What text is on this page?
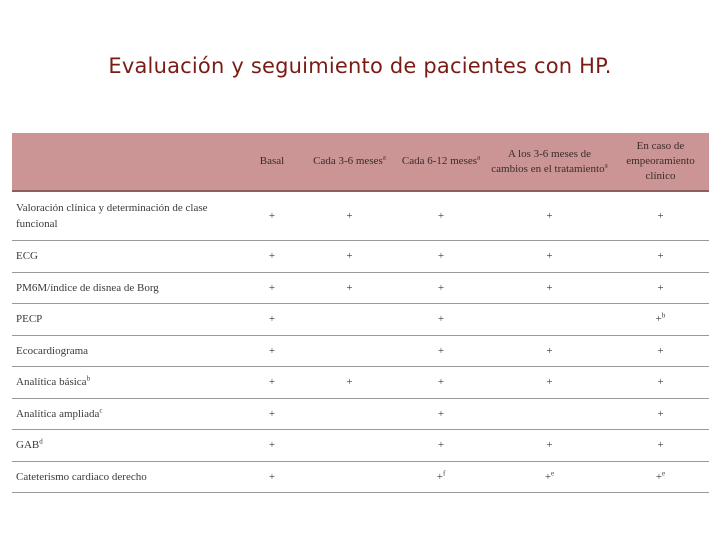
Evaluación y seguimiento de pacientes con HP.
	Basal	Cada 3-6 meses$^a$	Cada 6-12 meses$^a$	A los 3-6 meses de cambios en el tratamiento$^a$	En caso de empeoramiento clínico
Valoración clínica y determinación de clase funcional	+	+	+	+	+
ECG	+	+	+	+	+
PM6M/índice de disnea de Borg	+	+	+	+	+
PECP	+		+		+$^b$
Ecocardiograma	+		+	+	+
Analítica básica$^b$	+	+	+	+	+
Analítica ampliada$^c$	+		+		+
$GAB^d$	+		+	+	+
Cateterismo cardiaco derecho	+		+$^f$	+$^e$	+$^e$
